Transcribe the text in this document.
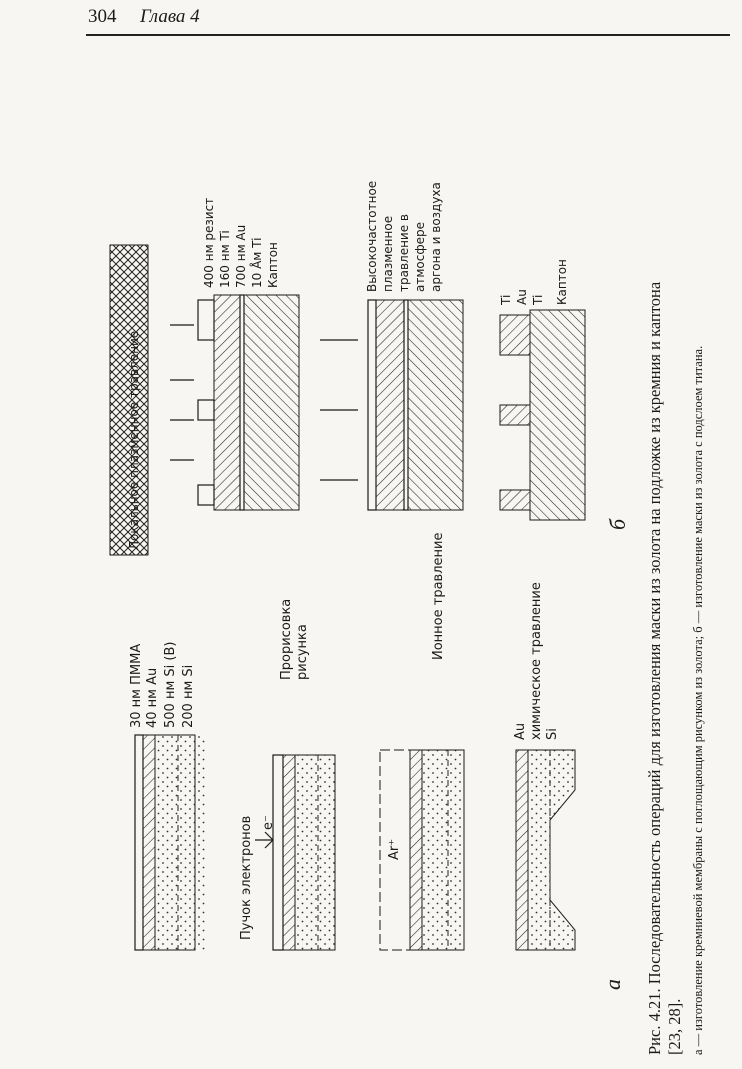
304 Глава 4
30 нм ПММА 40 нм Au 500 нм Si (B) 200 нм Si
Пучок электронов e⁻
Прорисовка рисунка
Ar⁺
Ионное травление
Au химическое травление Si
а
Локальное плазменное травление
400 нм резист 160 нм Ti 700 нм Au 10 Åм Ti Каптон	Высокочастотное плазменное травление в атмосфере аргона и воздуха
Ti Au Ti Каптон
б Рис. 4.21. Последовательность операций для изготовления маски из золота на подложке из кремния и каптона [23, 28]. а — изготовление кремниевой мембраны с поглощающим рисунком из золота; б — изготовление маски из золота с подслоем титана.
